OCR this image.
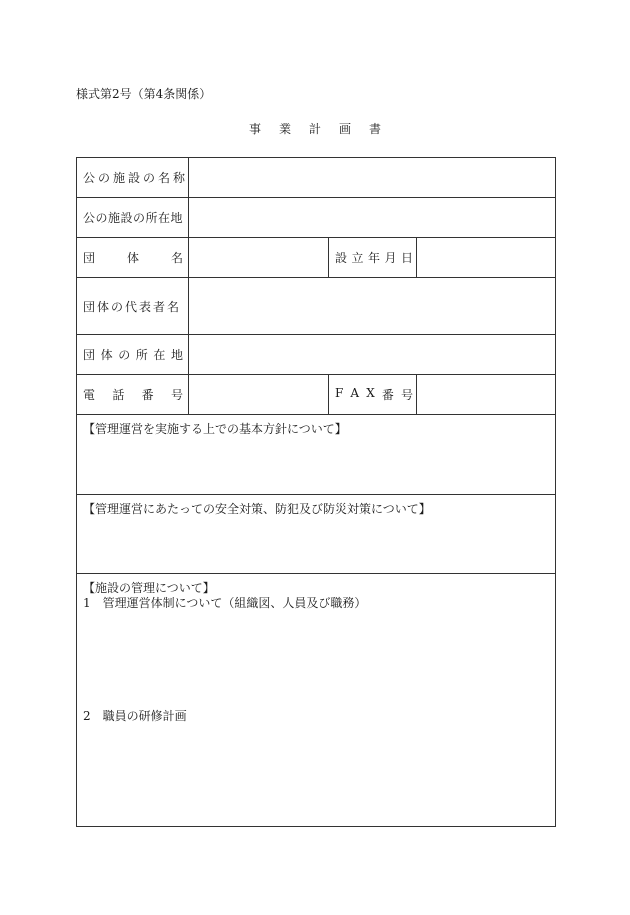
様式第2号（第4条関係）
事 業 計 画 書
公の施設の名称
公の施設の所在地
団	体	名	設 立 年 月 日
団体の代表者名
団 体 の 所 在 地
電 話 番 号	F A X 番 号
【管理運営を実施する上での基本方針について】
【管理運営にあたっての安全対策、防犯及び防災対策について】
【施設の管理について】
1　管理運営体制について（組織図、人員及び職務）
2　職員の研修計画
